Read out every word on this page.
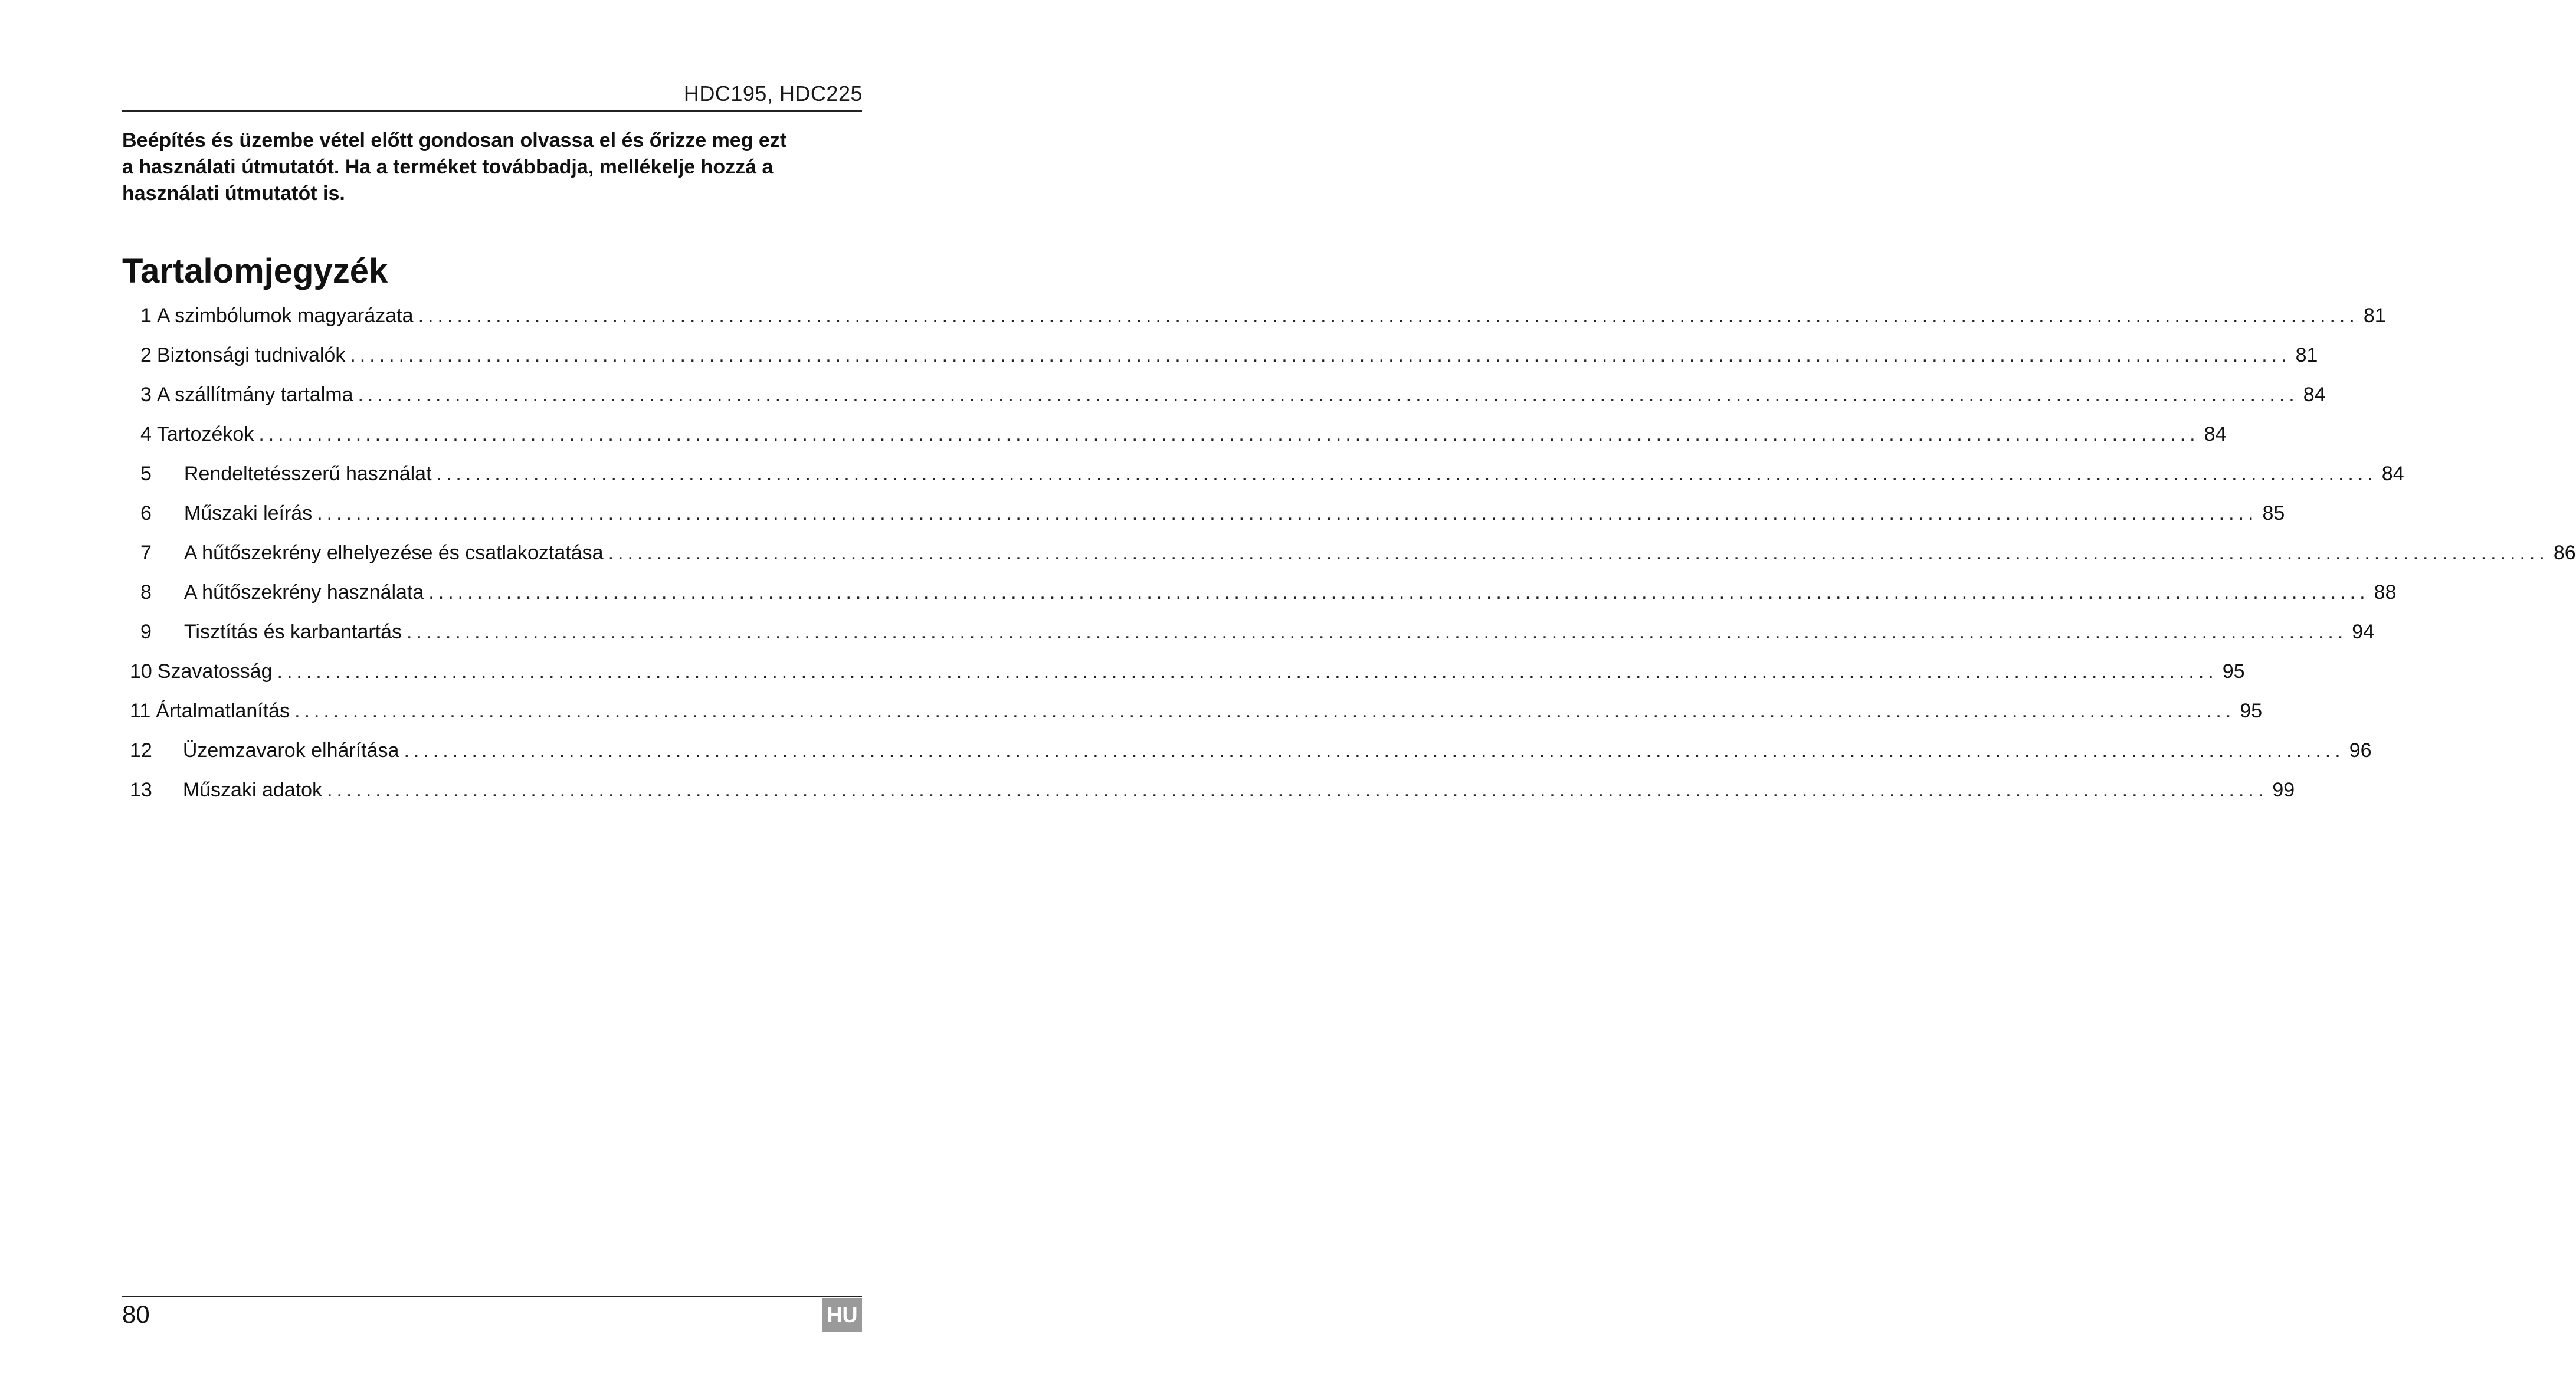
HDC195, HDC225
Beépítés és üzembe vétel előtt gondosan olvassa el és őrizze meg ezt
a használati útmutatót. Ha a terméket továbbadja, mellékelje hozzá a
használati útmutatót is.
Tartalomjegyzék
1 A szimbólumok magyarázata ........................................................................................................................................................................................................ 81
2 Biztonsági tudnivalók ........................................................................................................................................................................................................ 81
3 A szállítmány tartalma ........................................................................................................................................................................................................ 84
4 Tartozékok ........................................................................................................................................................................................................ 84
5 Rendeltetésszerű használat ........................................................................................................................................................................................................ 84
6 Műszaki leírás ........................................................................................................................................................................................................ 85
7 A hűtőszekrény elhelyezése és csatlakoztatása ........................................................................................................................................................................................................ 86
8 A hűtőszekrény használata ........................................................................................................................................................................................................ 88
9 Tisztítás és karbantartás ........................................................................................................................................................................................................ 94
10 Szavatosság ........................................................................................................................................................................................................ 95
11 Ártalmatlanítás ........................................................................................................................................................................................................ 95
12 Üzemzavarok elhárítása ........................................................................................................................................................................................................ 96
13 Műszaki adatok ........................................................................................................................................................................................................ 99
80	HU
